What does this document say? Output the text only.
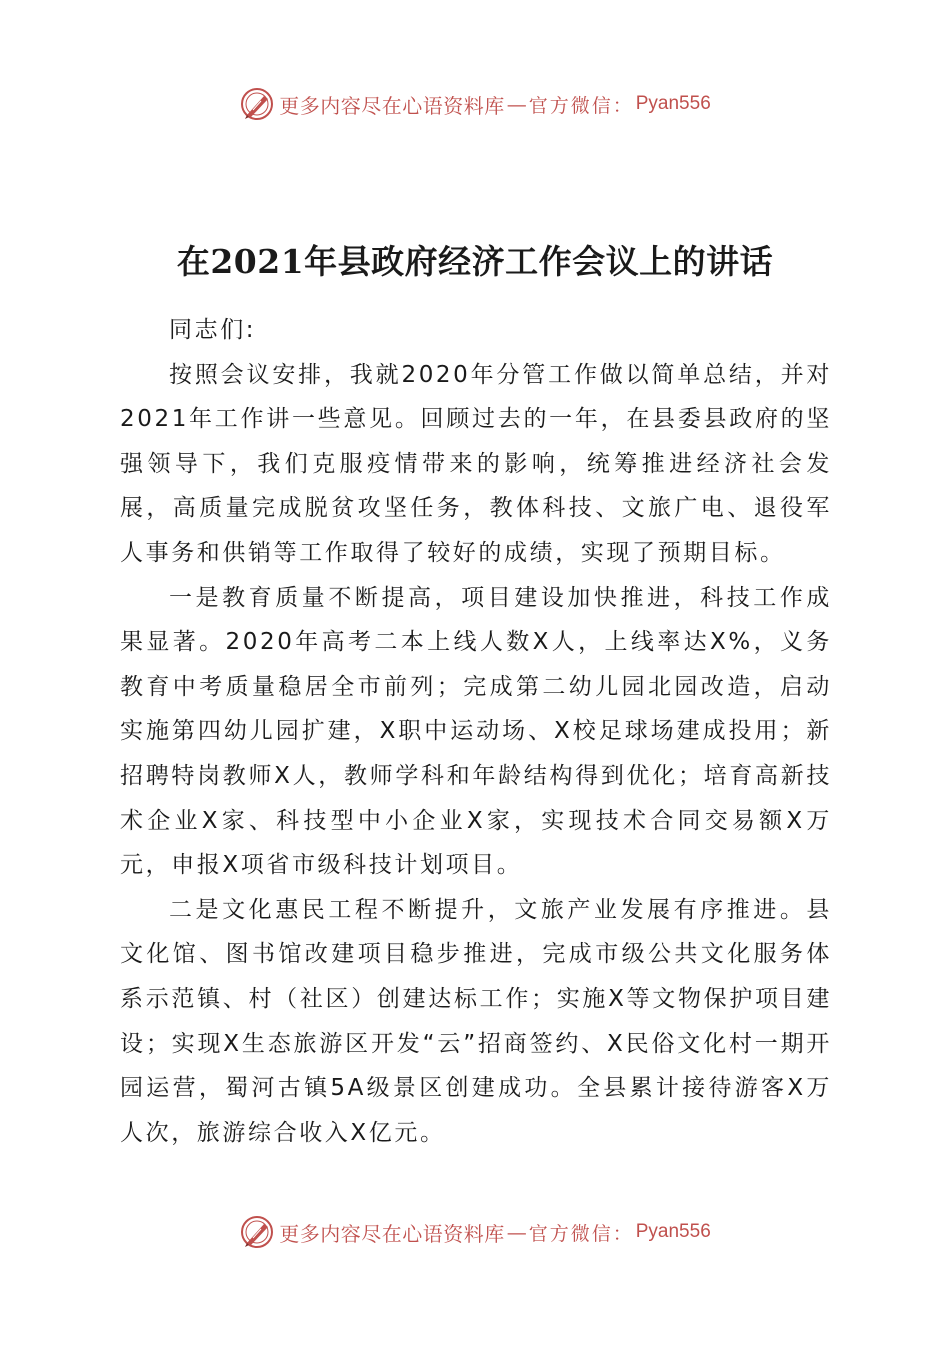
更多内容尽在心语资料库 — 官方微信： Pyan556
在2021年县政府经济工作会议上的讲话

同志们:

按照会议安排，我就2020年分管工作做以简单总结，并对2021年工作讲一些意见。回顾过去的一年，在县委县政府的坚强领导下，我们克服疫情带来的影响，统筹推进经济社会发展，高质量完成脱贫攻坚任务，教体科技、文旅广电、退役军人事务和供销等工作取得了较好的成绩，实现了预期目标。

一是教育质量不断提高，项目建设加快推进，科技工作成果显著。2020年高考二本上线人数X人，上线率达X%，义务教育中考质量稳居全市前列；完成第二幼儿园北园改造，启动实施第四幼儿园扩建，X职中运动场、X校足球场建成投用；新招聘特岗教师X人，教师学科和年龄结构得到优化；培育高新技术企业X家、科技型中小企业X家，实现技术合同交易额X万元，申报X项省市级科技计划项目。

二是文化惠民工程不断提升，文旅产业发展有序推进。县文化馆、图书馆改建项目稳步推进，完成市级公共文化服务体系示范镇、村（社区）创建达标工作；实施X等文物保护项目建设；实现X生态旅游区开发“云”招商签约、X民俗文化村一期开园运营，蜀河古镇5A级景区创建成功。全县累计接待游客X万人次，旅游综合收入X亿元。

更多内容尽在心语资料库 — 官方微信： Pyan556
